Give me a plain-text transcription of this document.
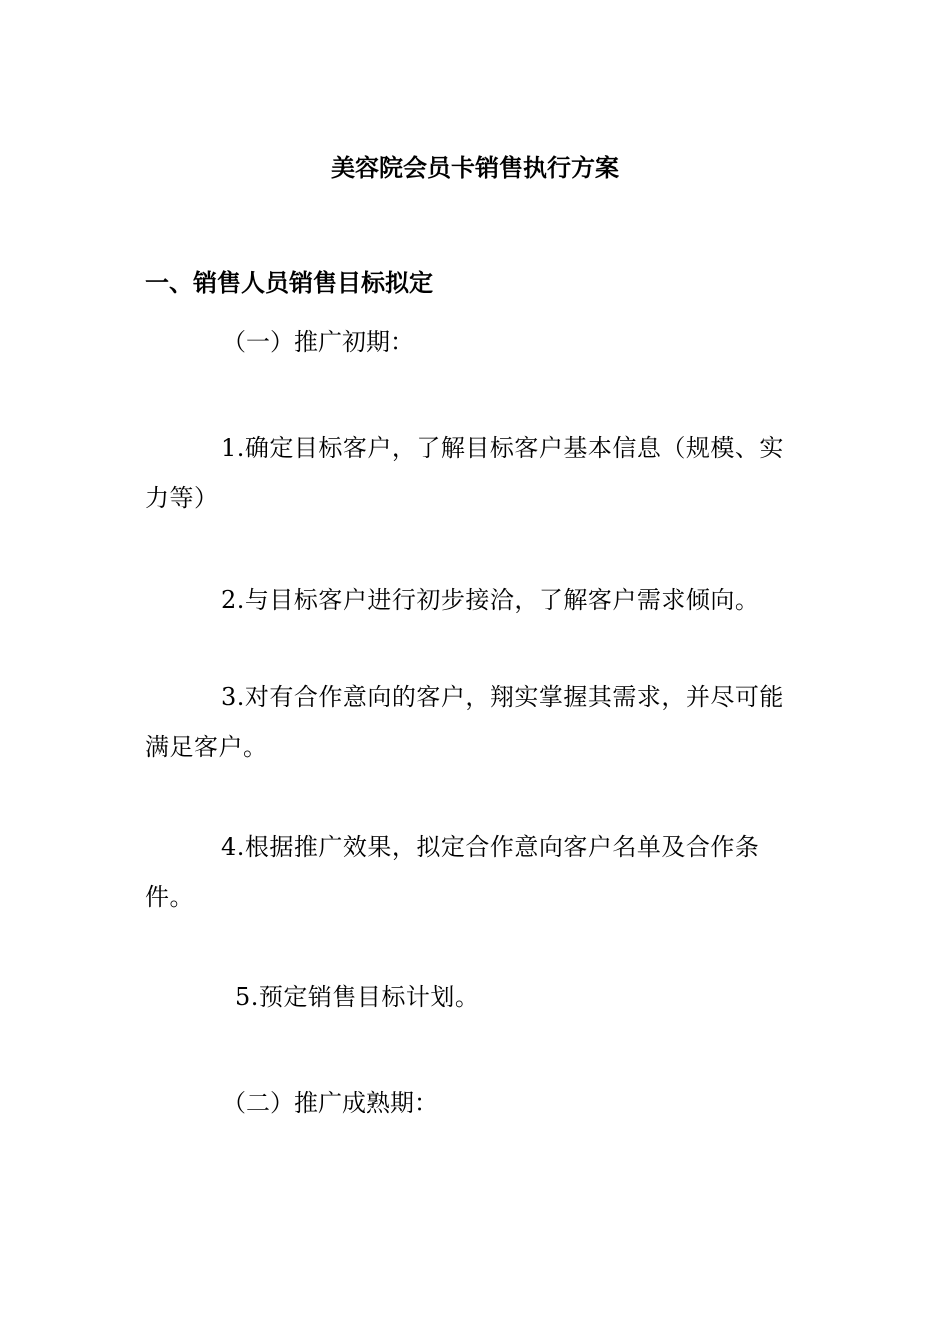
美容院会员卡销售执行方案
一、销售人员销售目标拟定
（一）推广初期：
1.确定目标客户，了解目标客户基本信息（规模、实力等）
2.与目标客户进行初步接洽，了解客户需求倾向。
3.对有合作意向的客户，翔实掌握其需求，并尽可能满足客户。
4.根据推广效果，拟定合作意向客户名单及合作条件。
5.预定销售目标计划。
（二）推广成熟期：
